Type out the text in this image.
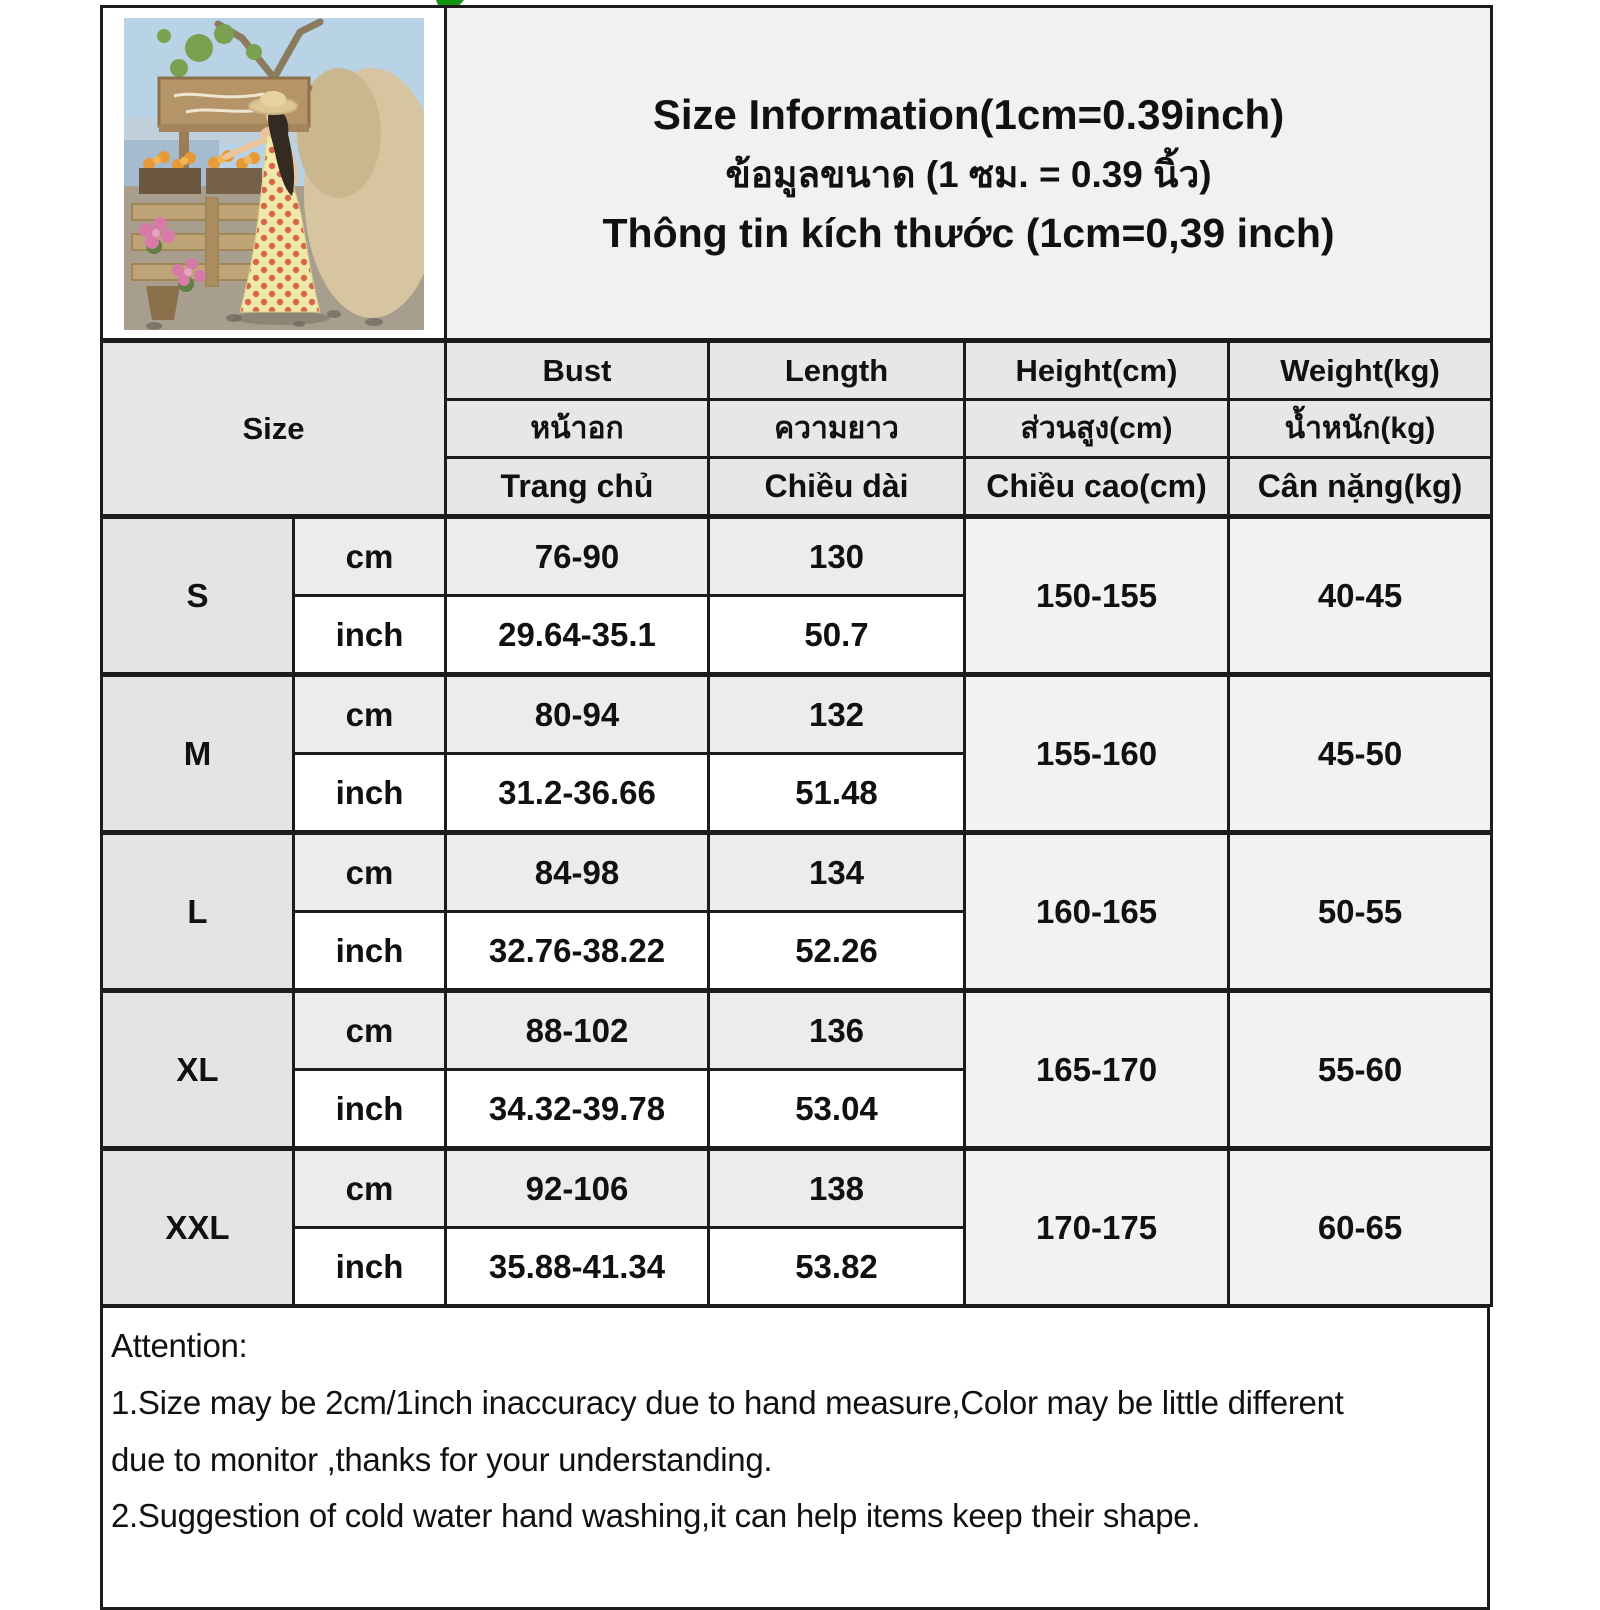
Size Information(1cm=0.39inch)
ข้อมูลขนาด (1 ซม. = 0.39 นิ้ว)
Thông tin kích thước (1cm=0,39 inch)			

Size		Bust	Length	Height(cm)	Weight(kg)
		หน้าอก	ความยาว	ส่วนสูง(cm)	น้ำหนัก(kg)
		Trang chủ	Chiều dài	Chiều cao(cm)	Cân nặng(kg)
S	cm	76-90	130	150-155	40-45
	inch	29.64-35.1	50.7		
M	cm	80-94	132	155-160	45-50
	inch	31.2-36.66	51.48		
L	cm	84-98	134	160-165	50-55
	inch	32.76-38.22	52.26		
XL	cm	88-102	136	165-170	55-60
	inch	34.32-39.78	53.04		
XXL	cm	92-106	138	170-175	60-65
	inch	35.88-41.34	53.82		
Attention:
1.Size may be 2cm/1inch inaccuracy due to hand measure,Color may be little different
due to monitor ,thanks for your understanding.
2.Suggestion of cold water hand washing,it can help items keep their shape.
